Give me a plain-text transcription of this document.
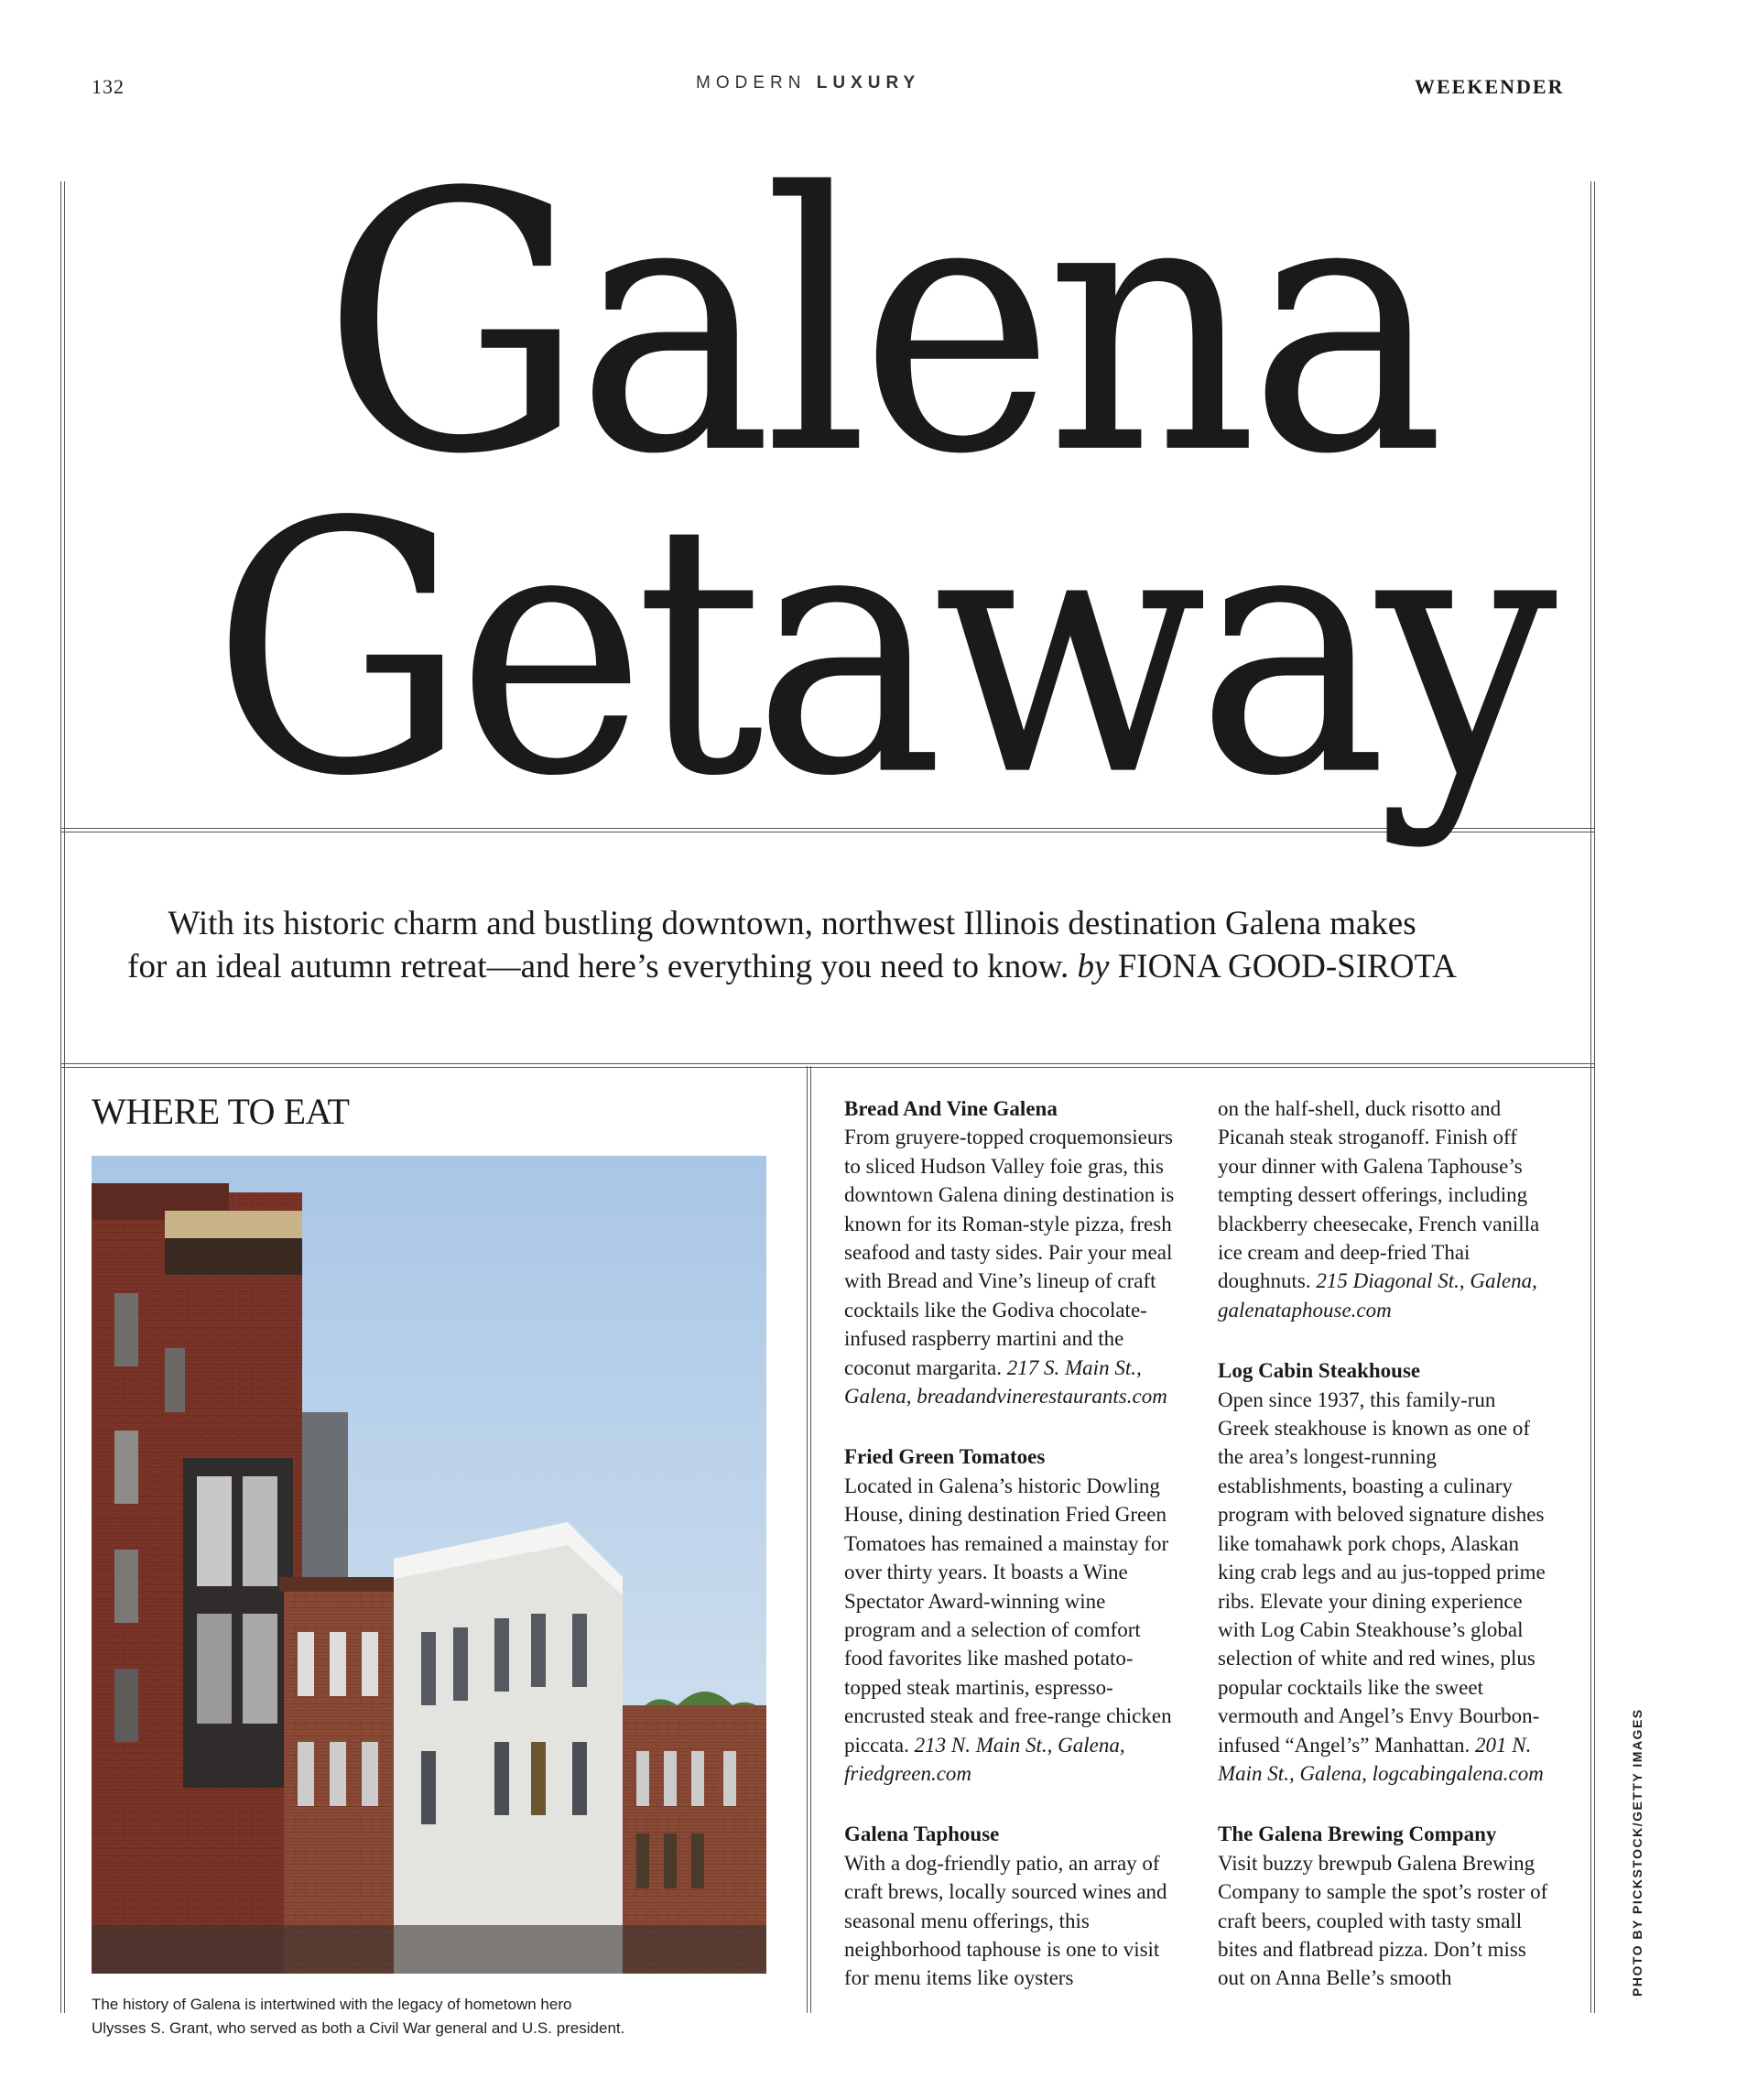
132	MODERN LUXURY	WEEKENDER
Galena
Getaway
With its historic charm and bustling downtown, northwest Illinois destination Galena makes
for an ideal autumn retreat—and here’s everything you need to know. by FIONA GOOD-SIROTA
WHERE TO EAT
The history of Galena is intertwined with the legacy of hometown hero
Ulysses S. Grant, who served as both a Civil War general and U.S. president.
Bread And Vine Galena

From gruyere-topped croquemonsieurs to sliced Hudson Valley foie gras, this downtown Galena dining destination is known for its Roman-style pizza, fresh seafood and tasty sides. Pair your meal with Bread and Vine’s lineup of craft cocktails like the Godiva chocolate-infused raspberry martini and the coconut margarita. 217 S. Main St., Galena, breadandvinerestaurants.com

Fried Green Tomatoes

Located in Galena’s historic Dowling House, dining destination Fried Green Tomatoes has remained a mainstay for over thirty years. It boasts a Wine Spectator Award-winning wine program and a selection of comfort food favorites like mashed potato-topped steak martinis, espresso-encrusted steak and free-range chicken piccata. 213 N. Main St., Galena, friedgreen.com

Galena Taphouse

With a dog-friendly patio, an array of craft brews, locally sourced wines and seasonal menu offerings, this neighborhood taphouse is one to visit for menu items like oysters

on the half-shell, duck risotto and Picanah steak stroganoff. Finish off your dinner with Galena Taphouse’s tempting dessert offerings, including blackberry cheesecake, French vanilla ice cream and deep-fried Thai doughnuts. 215 Diagonal St., Galena, galenataphouse.com

Log Cabin Steakhouse

Open since 1937, this family-run Greek steakhouse is known as one of the area’s longest-running establishments, boasting a culinary program with beloved signature dishes like tomahawk pork chops, Alaskan king crab legs and au jus-topped prime ribs. Elevate your dining experience with Log Cabin Steakhouse’s global selection of white and red wines, plus popular cocktails like the sweet vermouth and Angel’s Envy Bourbon-infused “Angel’s” Manhattan. 201 N. Main St., Galena, logcabingalena.com

The Galena Brewing Company

Visit buzzy brewpub Galena Brewing Company to sample the spot’s roster of craft beers, coupled with tasty small bites and flatbread pizza. Don’t miss out on Anna Belle’s smooth	PHOTO BY PICKSTOCK/GETTY IMAGES
